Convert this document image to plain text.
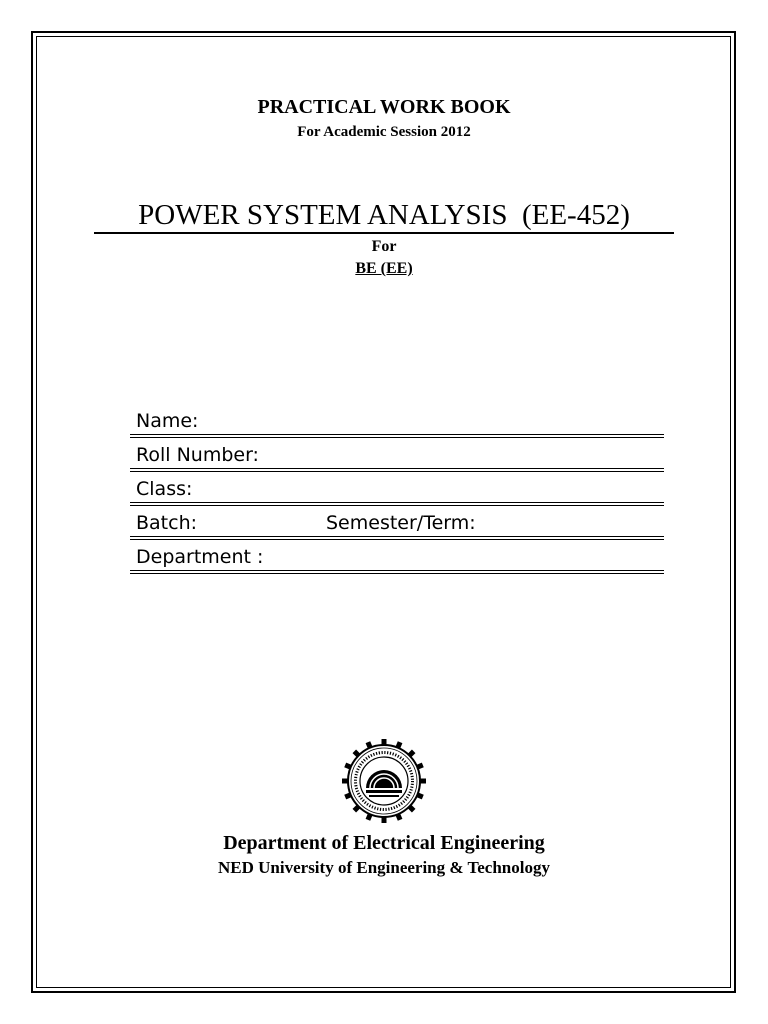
PRACTICAL WORK BOOK
For Academic Session 2012
POWER SYSTEM ANALYSIS  (EE-452)
For
BE (EE)
Name:
Roll Number:
Class:
Batch:	Semester/Term:
Department :
Department of Electrical Engineering
NED University of Engineering & Technology
